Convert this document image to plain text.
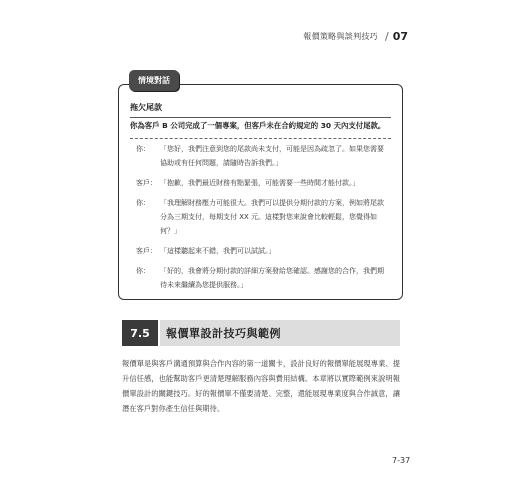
報價策略與談判技巧 / 07
情境對話
拖欠尾款
你為客戶 B 公司完成了一個專案，但客戶未在合約規定的 30 天內支付尾款。
你：	「您好，我們注意到您的尾款尚未支付，可能是因為疏忽了。如果您需要協助或有任何問題，請隨時告訴我們。」
客戶： 「抱歉，我們最近財務有點緊張，可能需要一些時間才能付款。」
你：	「我理解財務壓力可能很大。我們可以提供分期付款的方案，例如將尾款分為三期支付，每期支付 XX 元。這樣對您來說會比較輕鬆，您覺得如何？」
客戶： 「這樣聽起來不錯，我們可以試試。」
你：	「好的，我會將分期付款的詳細方案發給您確認。感謝您的合作，我們期待未來繼續為您提供服務。」
7.5	報價單設計技巧與範例

報價單是與客戶溝通預算與合作內容的第一道關卡，設計良好的報價單能展現專業、提升信任感，也能幫助客戶更清楚理解服務內容與費用結構。本章將以實際範例來說明報價單設計的關鍵技巧。好的報價單不僅要清楚、完整，還能展現專業度與合作誠意，讓潛在客戶對你產生信任與期待。

7-37
